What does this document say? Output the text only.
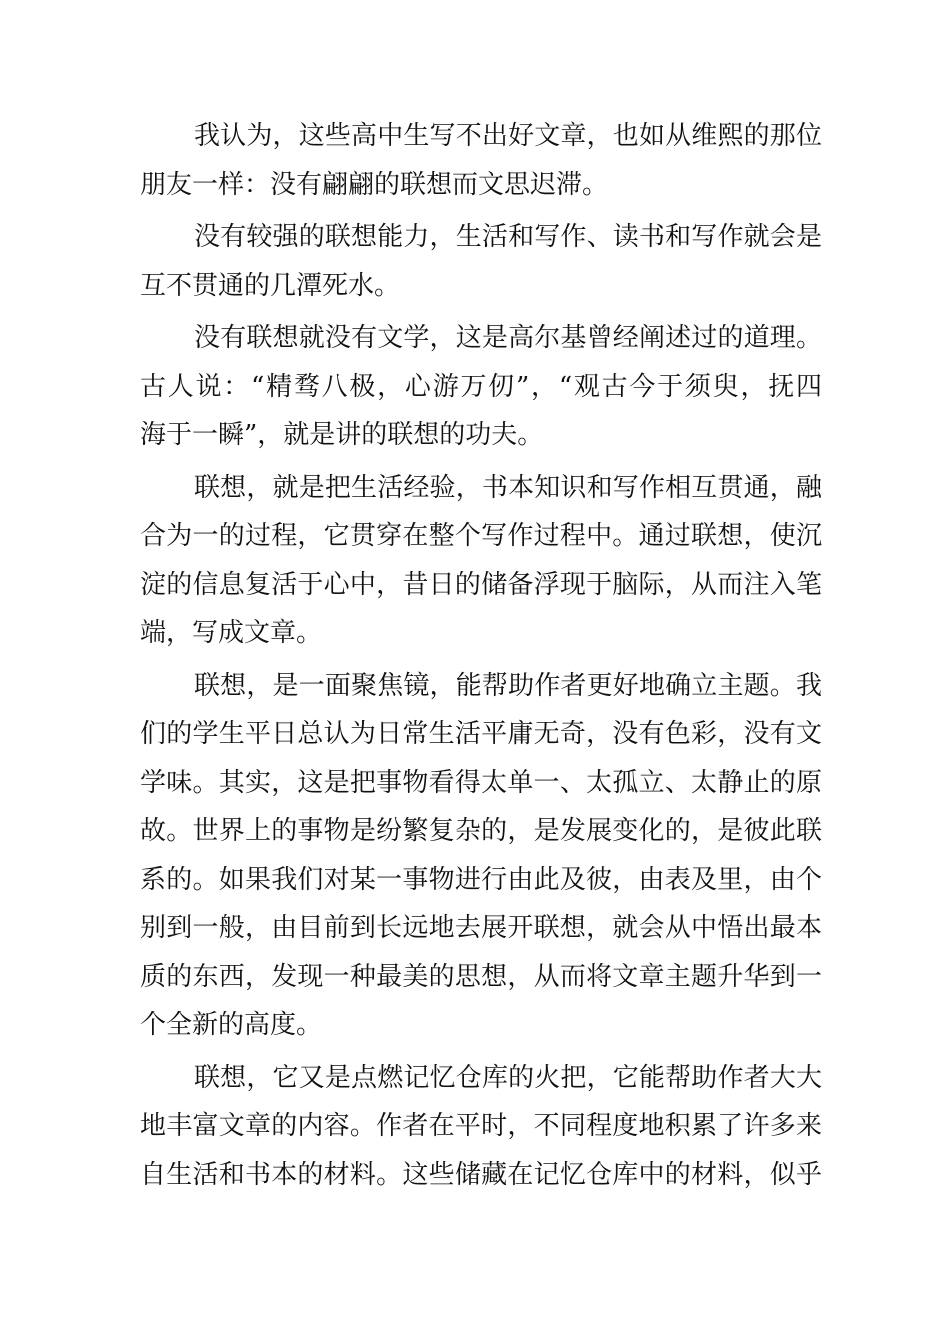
我认为，这些高中生写不出好文章，也如从维熙的那位
朋友一样：没有翩翩的联想而文思迟滞。
没有较强的联想能力，生活和写作、读书和写作就会是
互不贯通的几潭死水。
没有联想就没有文学，这是高尔基曾经阐述过的道理。
古人说：“精骛八极，心游万仞”，“观古今于须臾，抚四
海于一瞬”，就是讲的联想的功夫。
联想，就是把生活经验，书本知识和写作相互贯通，融
合为一的过程，它贯穿在整个写作过程中。通过联想，使沉
淀的信息复活于心中，昔日的储备浮现于脑际，从而注入笔
端，写成文章。
联想，是一面聚焦镜，能帮助作者更好地确立主题。我
们的学生平日总认为日常生活平庸无奇，没有色彩，没有文
学味。其实，这是把事物看得太单一、太孤立、太静止的原
故。世界上的事物是纷繁复杂的，是发展变化的，是彼此联
系的。如果我们对某一事物进行由此及彼，由表及里，由个
别到一般，由目前到长远地去展开联想，就会从中悟出最本
质的东西，发现一种最美的思想，从而将文章主题升华到一
个全新的高度。
联想，它又是点燃记忆仓库的火把，它能帮助作者大大
地丰富文章的内容。作者在平时，不同程度地积累了许多来
自生活和书本的材料。这些储藏在记忆仓库中的材料，似乎
